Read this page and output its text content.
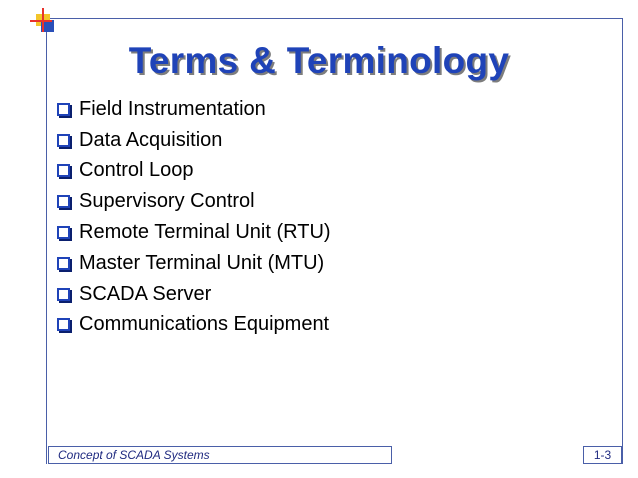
Terms & Terminology
Field Instrumentation
Data Acquisition
Control Loop
Supervisory Control
Remote Terminal Unit (RTU)
Master Terminal Unit (MTU)
SCADA Server
Communications Equipment
Concept of SCADA Systems	1-3
